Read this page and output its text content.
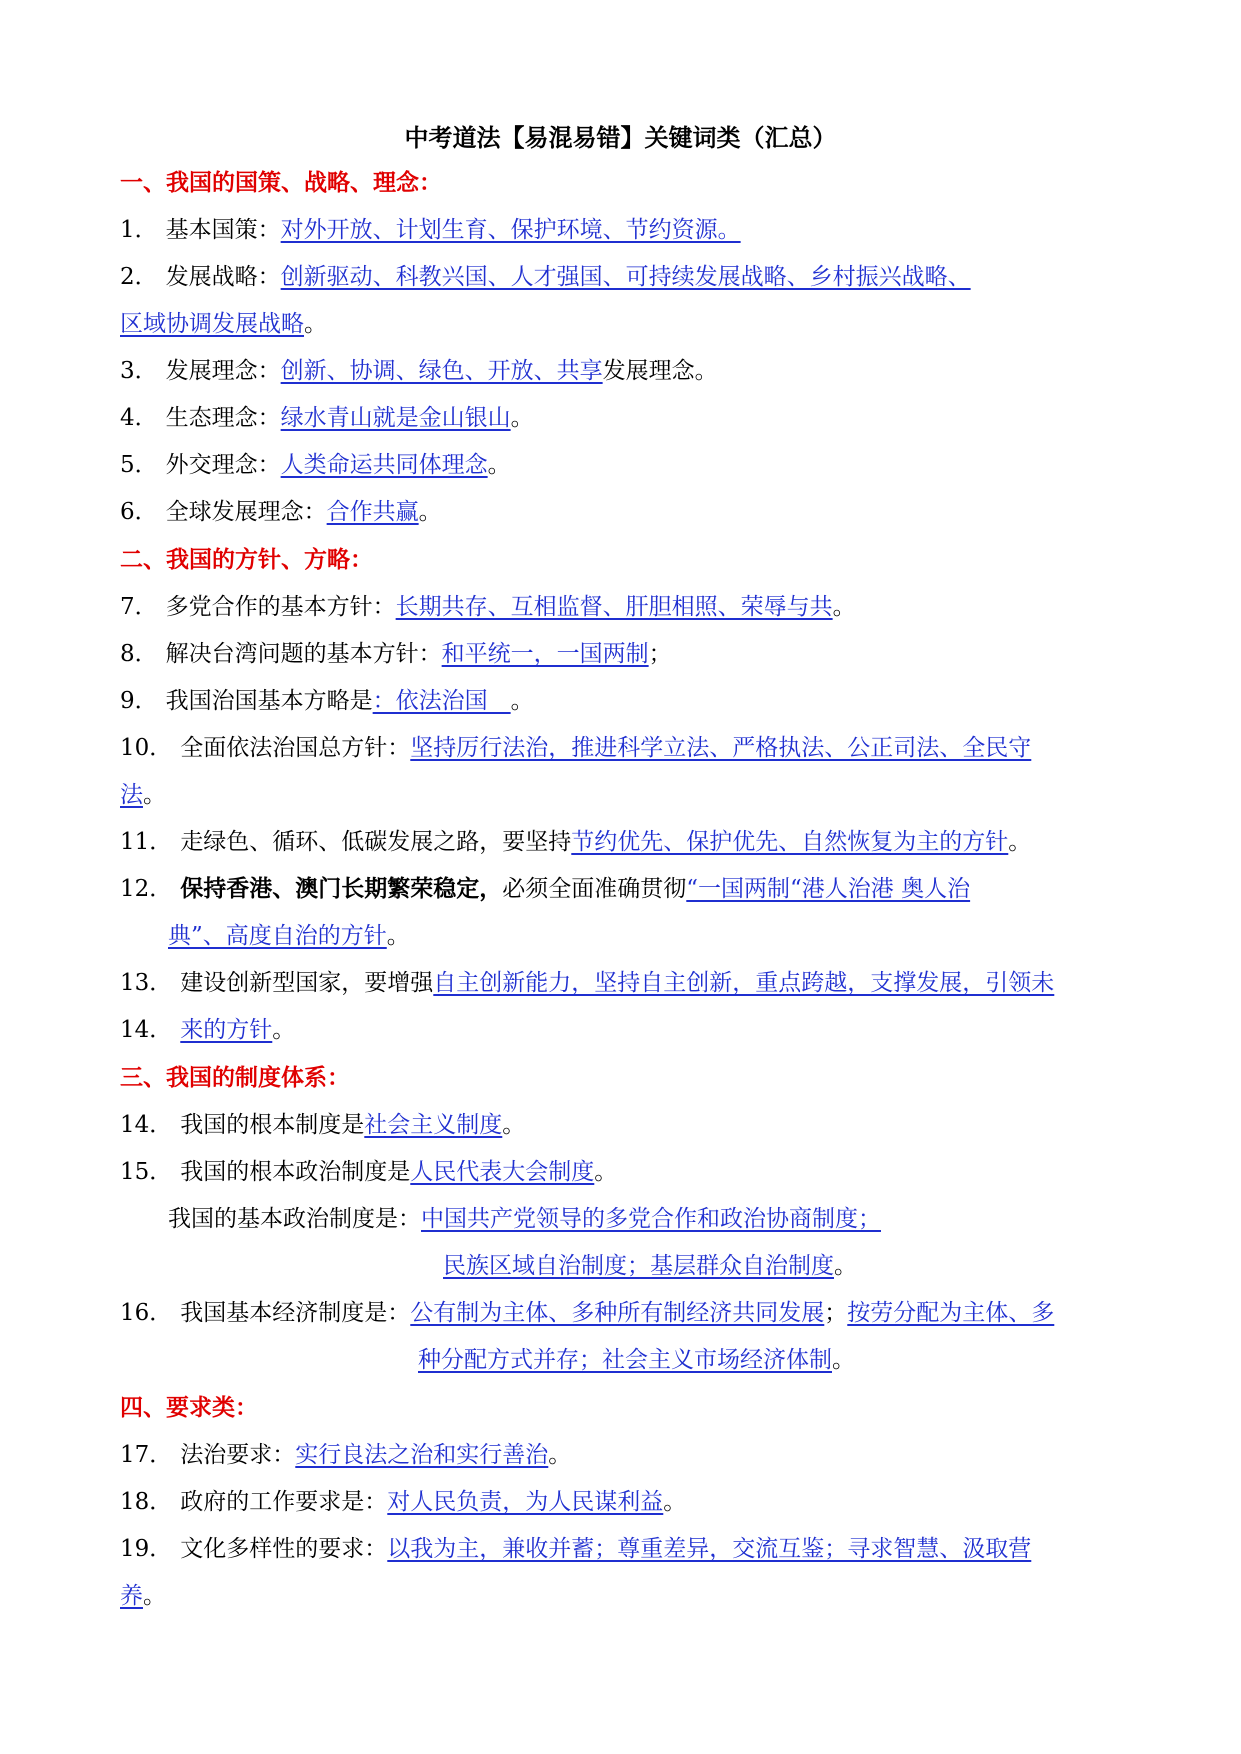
中考道法【易混易错】关键词类（汇总）
一、我国的国策、战略、理念：
1． 基本国策：对外开放、计划生育、保护环境、节约资源。
2． 发展战略：创新驱动、科教兴国、人才强国、可持续发展战略、乡村振兴战略、
区域协调发展战略。
3． 发展理念：创新、协调、绿色、开放、共享发展理念。
4． 生态理念：绿水青山就是金山银山。
5． 外交理念：人类命运共同体理念。
6． 全球发展理念：合作共赢。
二、我国的方针、方略：
7． 多党合作的基本方针：长期共存、互相监督、肝胆相照、荣辱与共。
8． 解决台湾问题的基本方针：和平统一，一国两制；
9． 我国治国基本方略是：依法治国　。
10． 全面依法治国总方针：坚持厉行法治，推进科学立法、严格执法、公正司法、全民守
法。
11． 走绿色、循环、低碳发展之路，要坚持节约优先、保护优先、自然恢复为主的方针。
12． 保持香港、澳门长期繁荣稳定，必须全面准确贯彻“一国两制“港人治港 奥人治
典”、高度自治的方针。
13． 建设创新型国家，要增强自主创新能力，坚持自主创新，重点跨越，支撑发展，引领未
14． 来的方针。
三、我国的制度体系：
14． 我国的根本制度是社会主义制度。
15． 我国的根本政治制度是人民代表大会制度。
我国的基本政治制度是：中国共产党领导的多党合作和政治协商制度；
民族区域自治制度；基层群众自治制度。
16． 我国基本经济制度是：公有制为主体、多种所有制经济共同发展；按劳分配为主体、多
种分配方式并存；社会主义市场经济体制。
四、要求类：
17． 法治要求：实行良法之治和实行善治。
18． 政府的工作要求是：对人民负责，为人民谋利益。
19． 文化多样性的要求：以我为主，兼收并蓄；尊重差异，交流互鉴；寻求智慧、汲取营
养。
